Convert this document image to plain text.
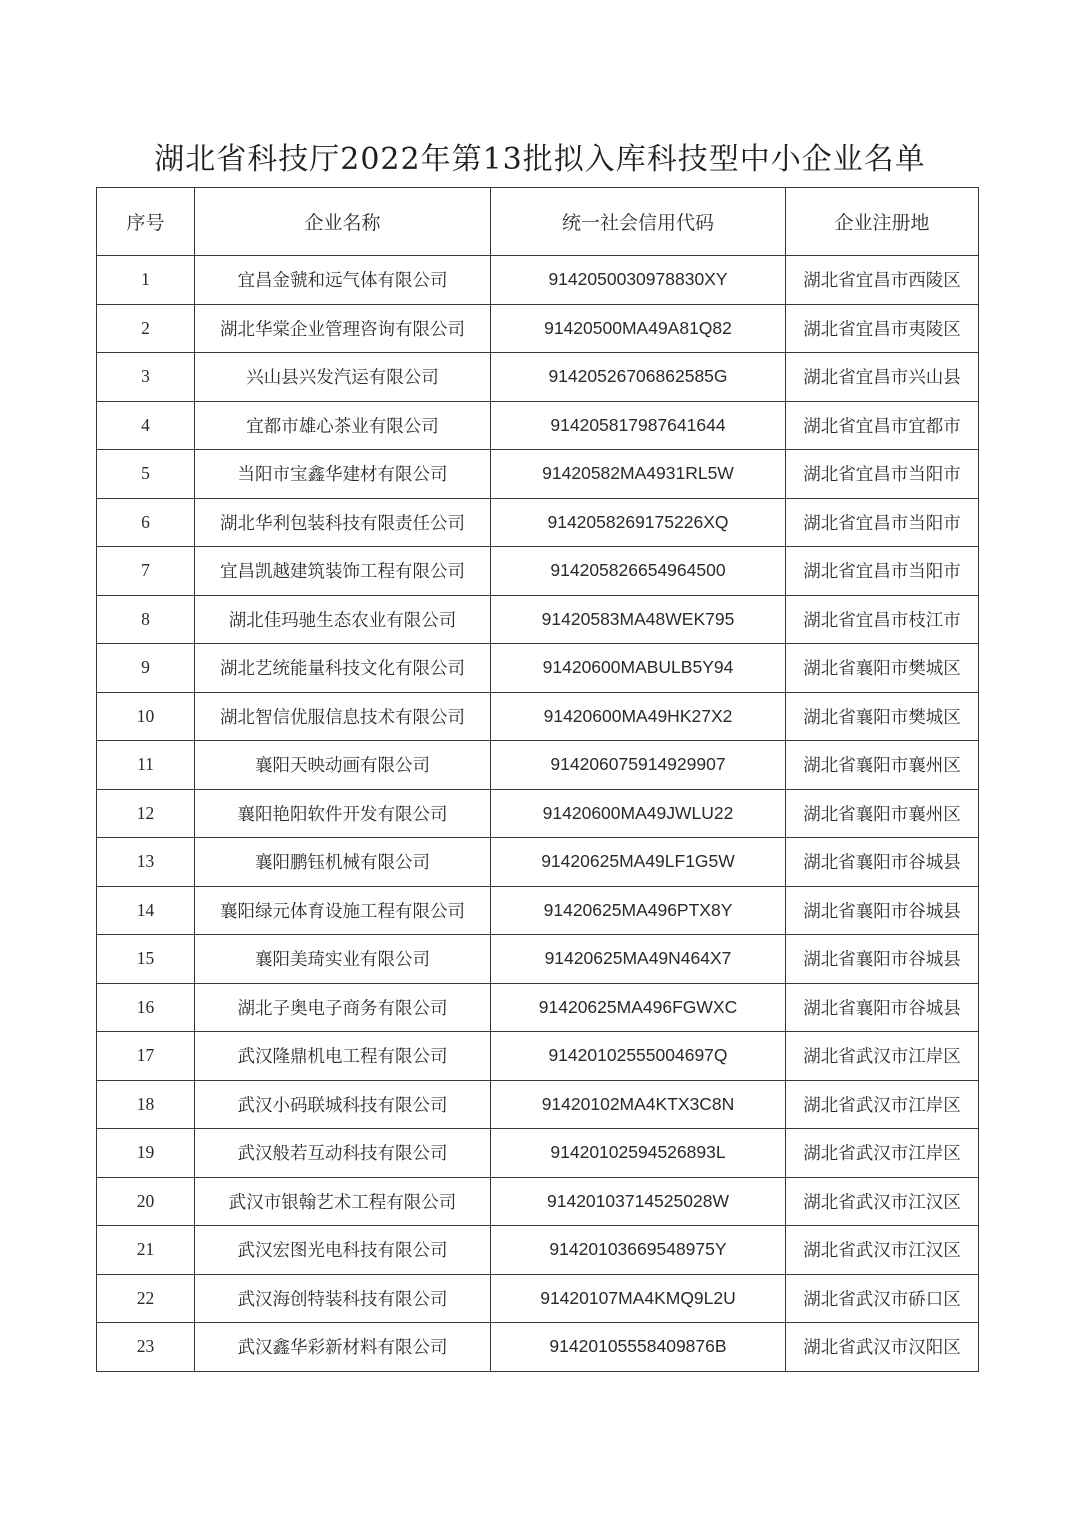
湖北省科技厅2022年第13批拟入库科技型中小企业名单
序号	企业名称	统一社会信用代码	企业注册地
1	宜昌金虢和远气体有限公司	9142050030978830XY	湖北省宜昌市西陵区
2	湖北华棠企业管理咨询有限公司	91420500MA49A81Q82	湖北省宜昌市夷陵区
3	兴山县兴发汽运有限公司	91420526706862585G	湖北省宜昌市兴山县
4	宜都市雄心茶业有限公司	914205817987641644	湖北省宜昌市宜都市
5	当阳市宝鑫华建材有限公司	91420582MA4931RL5W	湖北省宜昌市当阳市
6	湖北华利包装科技有限责任公司	9142058269175226XQ	湖北省宜昌市当阳市
7	宜昌凯越建筑装饰工程有限公司	914205826654964500	湖北省宜昌市当阳市
8	湖北佳玛驰生态农业有限公司	91420583MA48WEK795	湖北省宜昌市枝江市
9	湖北艺统能量科技文化有限公司	91420600MABULB5Y94	湖北省襄阳市樊城区
10	湖北智信优服信息技术有限公司	91420600MA49HK27X2	湖北省襄阳市樊城区
11	襄阳天映动画有限公司	914206075914929907	湖北省襄阳市襄州区
12	襄阳艳阳软件开发有限公司	91420600MA49JWLU22	湖北省襄阳市襄州区
13	襄阳鹏钰机械有限公司	91420625MA49LF1G5W	湖北省襄阳市谷城县
14	襄阳绿元体育设施工程有限公司	91420625MA496PTX8Y	湖北省襄阳市谷城县
15	襄阳美琦实业有限公司	91420625MA49N464X7	湖北省襄阳市谷城县
16	湖北子奥电子商务有限公司	91420625MA496FGWXC	湖北省襄阳市谷城县
17	武汉隆鼎机电工程有限公司	91420102555004697Q	湖北省武汉市江岸区
18	武汉小码联城科技有限公司	91420102MA4KTX3C8N	湖北省武汉市江岸区
19	武汉般若互动科技有限公司	91420102594526893L	湖北省武汉市江岸区
20	武汉市银翰艺术工程有限公司	91420103714525028W	湖北省武汉市江汉区
21	武汉宏图光电科技有限公司	91420103669548975Y	湖北省武汉市江汉区
22	武汉海创特装科技有限公司	91420107MA4KMQ9L2U	湖北省武汉市硚口区
23	武汉鑫华彩新材料有限公司	91420105558409876B	湖北省武汉市汉阳区
